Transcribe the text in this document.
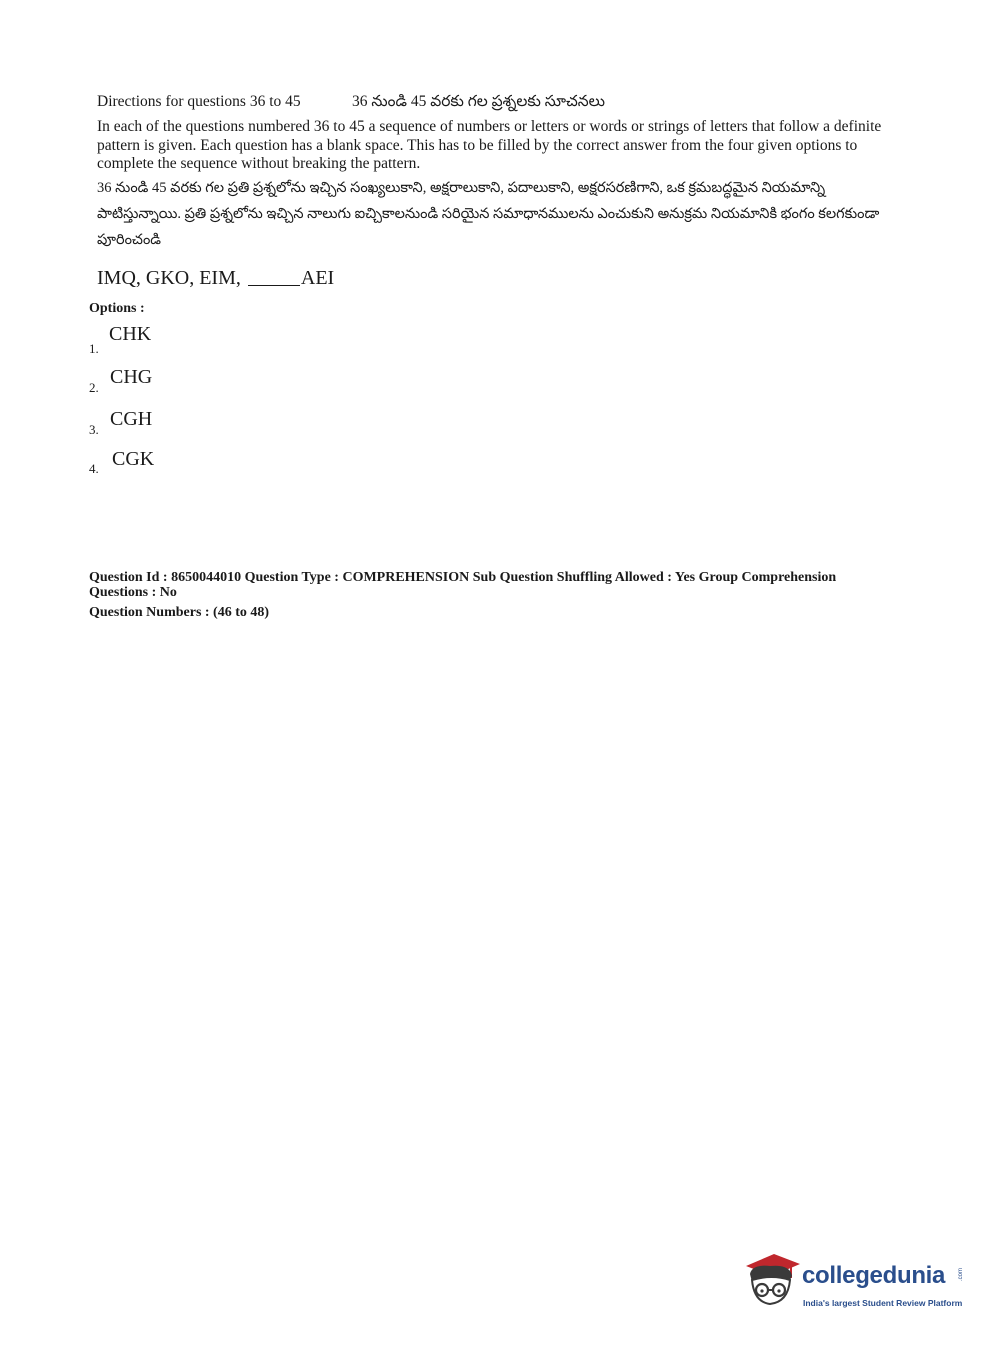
Directions for questions 36 to 45	36 నుండి 45 వరకు గల ప్రశ్నలకు సూచనలు
In each of the questions numbered 36 to 45 a sequence of numbers or letters or words or strings of letters that follow a definite pattern is given. Each question has a blank space. This has to be filled by the correct answer from the four given options to complete the sequence without breaking the pattern.
36 నుండి 45 వరకు గల ప్రతి ప్రశ్నలోను ఇచ్చిన సంఖ్యలుకాని, అక్షరాలుకాని, పదాలుకాని, అక్షరసరణిగాని, ఒక క్రమబద్ధమైన నియమాన్ని పాటిస్తున్నాయి. ప్రతి ప్రశ్నలోను ఇచ్చిన నాలుగు ఐచ్చికాలనుండి సరియైన సమాధానములను ఎంచుకుని అనుక్రమ నియమానికి భంగం కలగకుండా పూరించండి
IMQ, GKO, EIM,	AEI
Options :
1.
CHK
2. CHG
3. CGH
4. CGK
Question Id : 8650044010 Question Type : COMPREHENSION Sub Question Shuffling Allowed : Yes Group Comprehension Questions : No
Question Numbers : (46 to 48)
collegedunia .com
India's largest Student Review Platform
